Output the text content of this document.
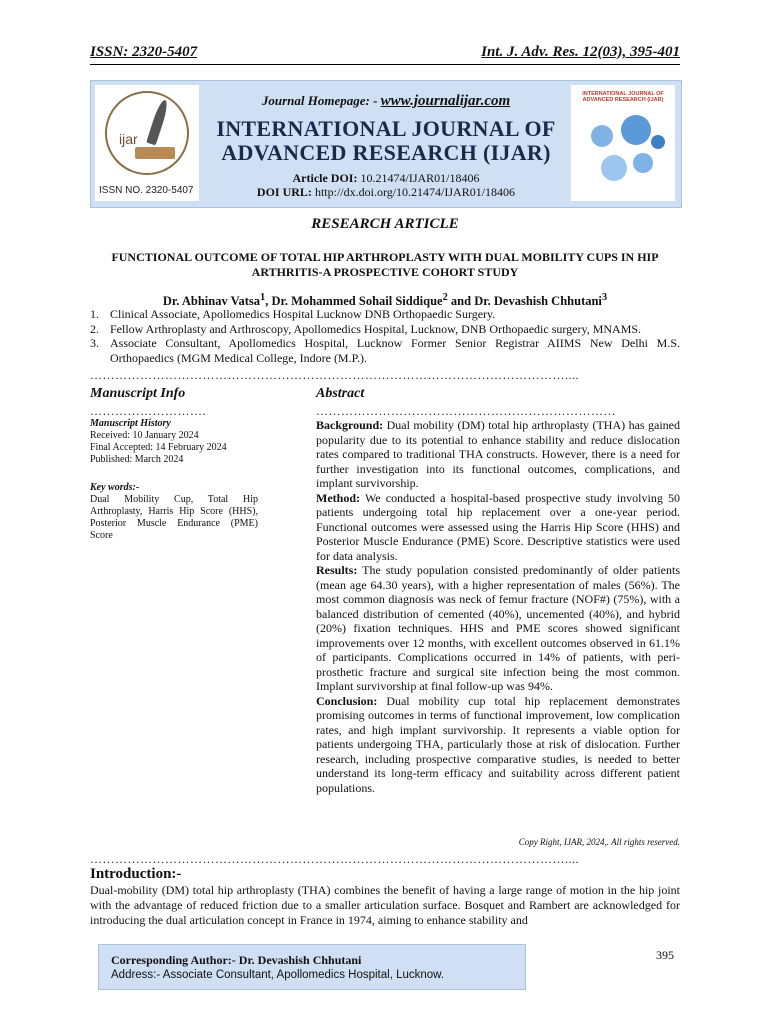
ISSN: 2320-5407	Int. J. Adv. Res. 12(03), 395-401
ijar
ISSN NO. 2320-5407
Journal Homepage: - www.journalijar.com
INTERNATIONAL JOURNAL OF ADVANCED RESEARCH (IJAR)
Article DOI: 10.21474/IJAR01/18406
DOI URL: http://dx.doi.org/10.21474/IJAR01/18406
INTERNATIONAL JOURNAL OF ADVANCED RESEARCH (IJAR)
RESEARCH ARTICLE
FUNCTIONAL OUTCOME OF TOTAL HIP ARTHROPLASTY WITH DUAL MOBILITY CUPS IN HIP ARTHRITIS-A PROSPECTIVE COHORT STUDY
Dr. Abhinav Vatsa$^1$, Dr. Mohammed Sohail Siddique$^2$ and Dr. Devashish Chhutani$^3$
1. Clinical Associate, Apollomedics Hospital Lucknow DNB Orthopaedic Surgery.
2. Fellow Arthroplasty and Arthroscopy, Apollomedics Hospital, Lucknow, DNB Orthopaedic surgery, MNAMS.
3. Associate Consultant, Apollomedics Hospital, Lucknow Former Senior Registrar AIIMS New Delhi M.S. Orthopaedics (MGM Medical College, Indore (M.P.).
……………………………………………………………………………………………………....
Manuscript Info	Abstract
……………………….	………………………………………………………………
Manuscript History
Received: 10 January 2024
Final Accepted: 14 February 2024
Published: March 2024
Key words:-
Dual Mobility Cup, Total Hip Arthroplasty, Harris Hip Score (HHS), Posterior Muscle Endurance (PME) Score

Background: Dual mobility (DM) total hip arthroplasty (THA) has gained popularity due to its potential to enhance stability and reduce dislocation rates compared to traditional THA constructs. However, there is a need for further investigation into its functional outcomes, complications, and implant survivorship.

Method: We conducted a hospital-based prospective study involving 50 patients undergoing total hip replacement over a one-year period. Functional outcomes were assessed using the Harris Hip Score (HHS) and Posterior Muscle Endurance (PME) Score. Descriptive statistics were used for data analysis.

Results: The study population consisted predominantly of older patients (mean age 64.30 years), with a higher representation of males (56%). The most common diagnosis was neck of femur fracture (NOF#) (75%), with a balanced distribution of cemented (40%), uncemented (40%), and hybrid (20%) fixation techniques. HHS and PME scores showed significant improvements over 12 months, with excellent outcomes observed in 61.1% of participants. Complications occurred in 14% of patients, with peri-prosthetic fracture and surgical site infection being the most common. Implant survivorship at final follow-up was 94%.

Conclusion: Dual mobility cup total hip replacement demonstrates promising outcomes in terms of functional improvement, low complication rates, and high implant survivorship. It represents a viable option for patients undergoing THA, particularly those at risk of dislocation. Further research, including prospective comparative studies, is needed to better understand its long-term efficacy and suitability across different patient populations.

Copy Right, IJAR, 2024,. All rights reserved.
……………………………………………………………………………………………………....
Introduction:-

Dual-mobility (DM) total hip arthroplasty (THA) combines the benefit of having a large range of motion in the hip joint with the advantage of reduced friction due to a smaller articulation surface. Bosquet and Rambert are acknowledged for introducing the dual articulation concept in France in 1974, aiming to enhance stability and

Corresponding Author:- Dr. Devashish Chhutani
Address:- Associate Consultant, Apollomedics Hospital, Lucknow.
395
